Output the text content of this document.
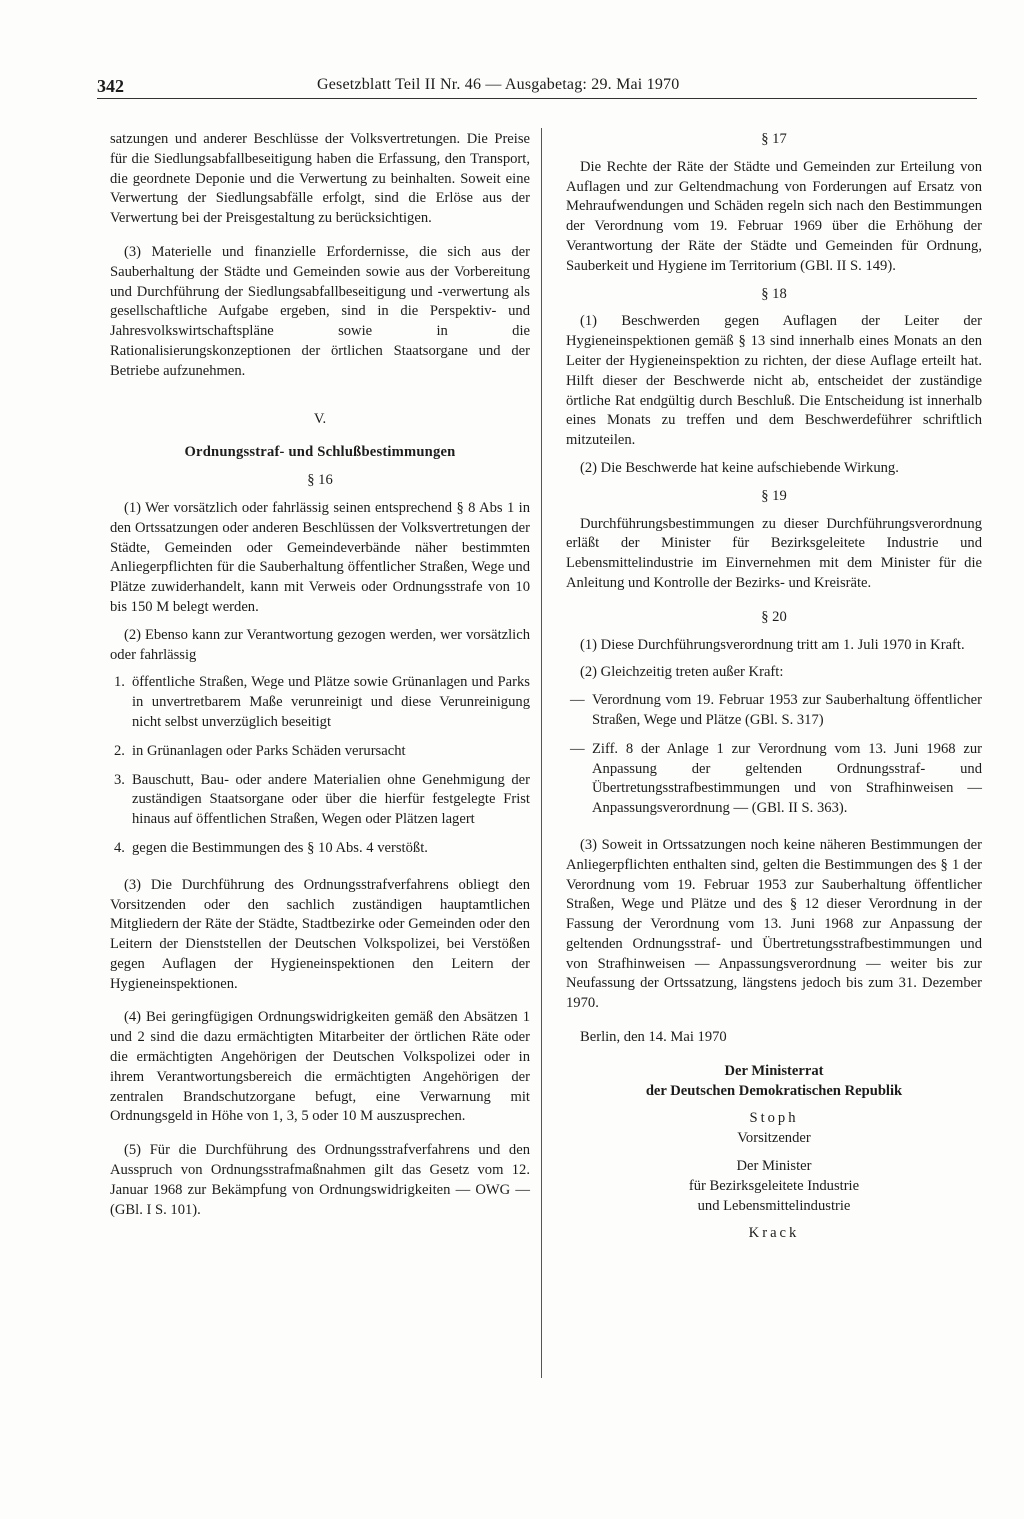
342	Gesetzblatt Teil II Nr. 46 — Ausgabetag: 29. Mai 1970

satzungen und anderer Beschlüsse der Volksvertretungen. Die Preise für die Siedlungsabfallbeseitigung haben die Erfassung, den Transport, die geordnete Deponie und die Verwertung zu beinhalten. Soweit eine Verwertung der Siedlungsabfälle erfolgt, sind die Erlöse aus der Verwertung bei der Preisgestaltung zu berücksichtigen.

(3) Materielle und finanzielle Erfordernisse, die sich aus der Sauberhaltung der Städte und Gemeinden sowie aus der Vorbereitung und Durchführung der Siedlungsabfallbeseitigung und -verwertung als gesellschaftliche Aufgabe ergeben, sind in die Perspektiv- und Jahresvolkswirtschaftspläne sowie in die Rationalisierungskonzeptionen der örtlichen Staatsorgane und der Betriebe aufzunehmen.

V.

Ordnungsstraf- und Schlußbestimmungen

§ 16

(1) Wer vorsätzlich oder fahrlässig seinen entsprechend § 8 Abs 1 in den Ortssatzungen oder anderen Beschlüssen der Volksvertretungen der Städte, Gemeinden oder Gemeindeverbände näher bestimmten Anliegerpflichten für die Sauberhaltung öffentlicher Straßen, Wege und Plätze zuwiderhandelt, kann mit Verweis oder Ordnungsstrafe von 10 bis 150 M belegt werden.

(2) Ebenso kann zur Verantwortung gezogen werden, wer vorsätzlich oder fahrlässig

1. öffentliche Straßen, Wege und Plätze sowie Grünanlagen und Parks in unvertretbarem Maße verunreinigt und diese Verunreinigung nicht selbst unverzüglich beseitigt
2. in Grünanlagen oder Parks Schäden verursacht
3. Bauschutt, Bau- oder andere Materialien ohne Genehmigung der zuständigen Staatsorgane oder über die hierfür festgelegte Frist hinaus auf öffentlichen Straßen, Wegen oder Plätzen lagert
4. gegen die Bestimmungen des § 10 Abs. 4 verstößt.

(3) Die Durchführung des Ordnungsstrafverfahrens obliegt den Vorsitzenden oder den sachlich zuständigen hauptamtlichen Mitgliedern der Räte der Städte, Stadtbezirke oder Gemeinden oder den Leitern der Dienststellen der Deutschen Volkspolizei, bei Verstößen gegen Auflagen der Hygieneinspektionen den Leitern der Hygieneinspektionen.

(4) Bei geringfügigen Ordnungswidrigkeiten gemäß den Absätzen 1 und 2 sind die dazu ermächtigten Mitarbeiter der örtlichen Räte oder die ermächtigten Angehörigen der Deutschen Volkspolizei oder in ihrem Verantwortungsbereich die ermächtigten Angehörigen der zentralen Brandschutzorgane befugt, eine Verwarnung mit Ordnungsgeld in Höhe von 1, 3, 5 oder 10 M auszusprechen.

(5) Für die Durchführung des Ordnungsstrafverfahrens und den Ausspruch von Ordnungsstrafmaßnahmen gilt das Gesetz vom 12. Januar 1968 zur Bekämpfung von Ordnungswidrigkeiten — OWG — (GBl. I S. 101).

§ 17

Die Rechte der Räte der Städte und Gemeinden zur Erteilung von Auflagen und zur Geltendmachung von Forderungen auf Ersatz von Mehraufwendungen und Schäden regeln sich nach den Bestimmungen der Verordnung vom 19. Februar 1969 über die Erhöhung der Verantwortung der Räte der Städte und Gemeinden für Ordnung, Sauberkeit und Hygiene im Territorium (GBl. II S. 149).

§ 18

(1) Beschwerden gegen Auflagen der Leiter der Hygieneinspektionen gemäß § 13 sind innerhalb eines Monats an den Leiter der Hygieneinspektion zu richten, der diese Auflage erteilt hat. Hilft dieser der Beschwerde nicht ab, entscheidet der zuständige örtliche Rat endgültig durch Beschluß. Die Entscheidung ist innerhalb eines Monats zu treffen und dem Beschwerdeführer schriftlich mitzuteilen.

(2) Die Beschwerde hat keine aufschiebende Wirkung.

§ 19

Durchführungsbestimmungen zu dieser Durchführungsverordnung erläßt der Minister für Bezirksgeleitete Industrie und Lebensmittelindustrie im Einvernehmen mit dem Minister für die Anleitung und Kontrolle der Bezirks- und Kreisräte.

§ 20

(1) Diese Durchführungsverordnung tritt am 1. Juli 1970 in Kraft.

(2) Gleichzeitig treten außer Kraft:

— Verordnung vom 19. Februar 1953 zur Sauberhaltung öffentlicher Straßen, Wege und Plätze (GBl. S. 317)
— Ziff. 8 der Anlage 1 zur Verordnung vom 13. Juni 1968 zur Anpassung der geltenden Ordnungsstraf- und Übertretungsstrafbestimmungen und von Strafhinweisen — Anpassungsverordnung — (GBl. II S. 363).

(3) Soweit in Ortssatzungen noch keine näheren Bestimmungen der Anliegerpflichten enthalten sind, gelten die Bestimmungen des § 1 der Verordnung vom 19. Februar 1953 zur Sauberhaltung öffentlicher Straßen, Wege und Plätze und des § 12 dieser Verordnung in der Fassung der Verordnung vom 13. Juni 1968 zur Anpassung der geltenden Ordnungsstraf- und Übertretungsstrafbestimmungen und von Strafhinweisen — Anpassungsverordnung — weiter bis zur Neufassung der Ortssatzung, längstens jedoch bis zum 31. Dezember 1970.

Berlin, den 14. Mai 1970

Der Ministerrat

der Deutschen Demokratischen Republik

Stoph

Vorsitzender

Der Minister

für Bezirksgeleitete Industrie

und Lebensmittelindustrie

Krack
